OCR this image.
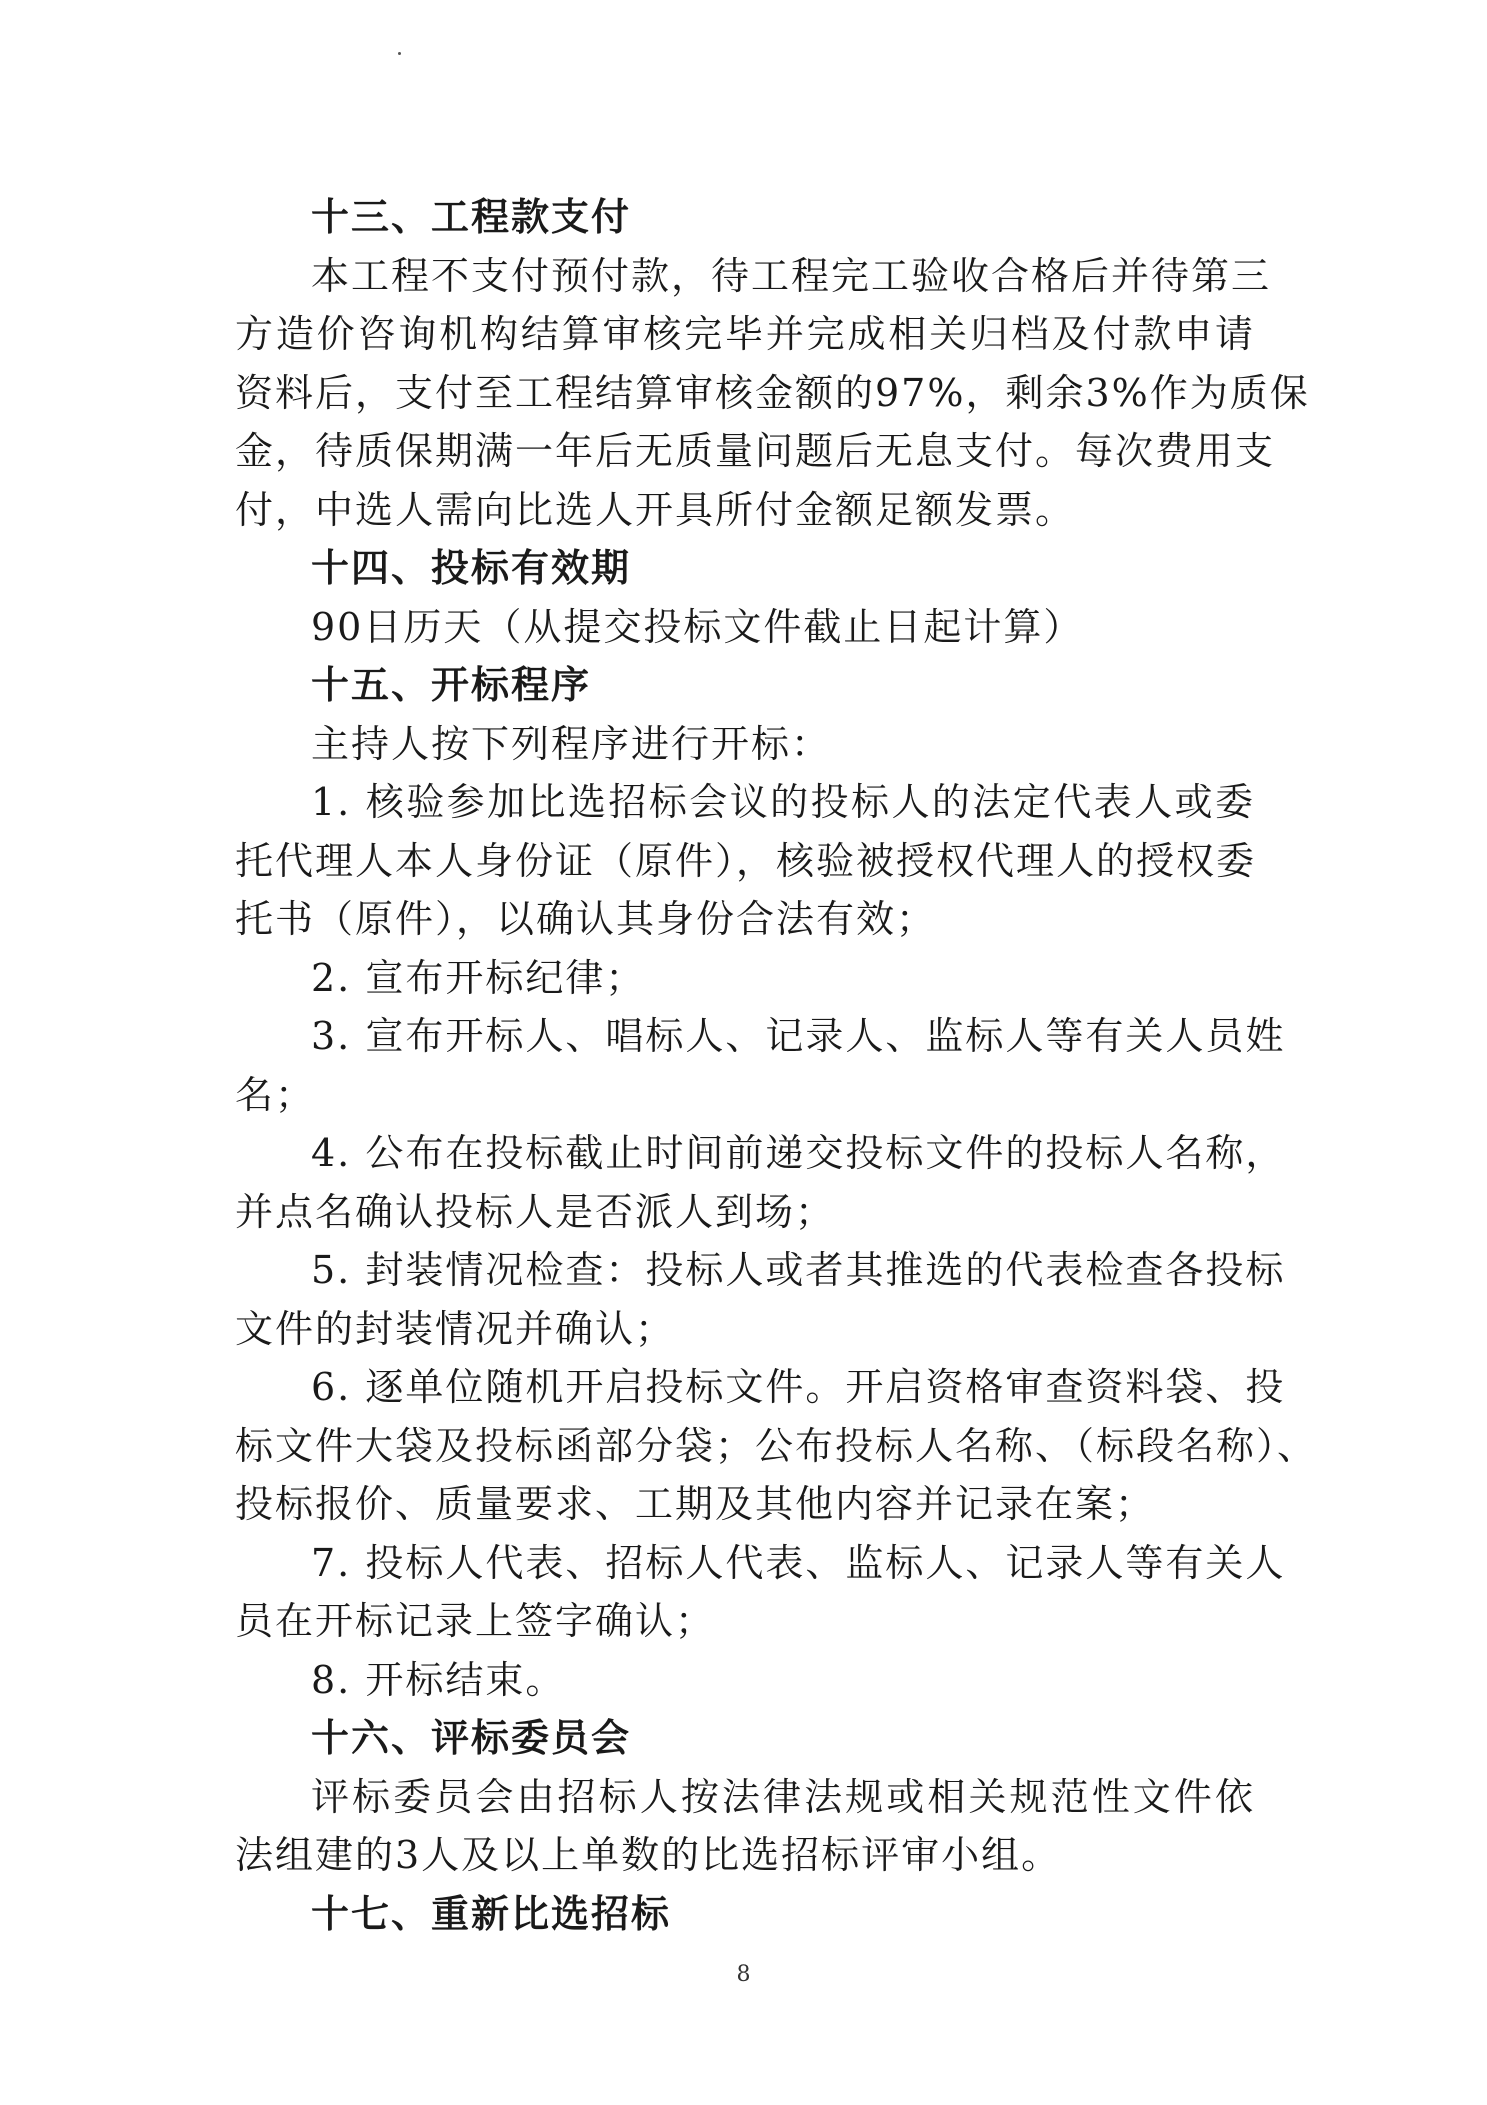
十三、工程款支付
本工程不支付预付款，待工程完工验收合格后并待第三
方造价咨询机构结算审核完毕并完成相关归档及付款申请
资料后，支付至工程结算审核金额的97%，剩余3%作为质保
金，待质保期满一年后无质量问题后无息支付。每次费用支
付，中选人需向比选人开具所付金额足额发票。
十四、投标有效期
90日历天（从提交投标文件截止日起计算）
十五、开标程序
主持人按下列程序进行开标：
1. 核验参加比选招标会议的投标人的法定代表人或委
托代理人本人身份证（原件），核验被授权代理人的授权委
托书（原件），以确认其身份合法有效；
2. 宣布开标纪律；
3. 宣布开标人、唱标人、记录人、监标人等有关人员姓
名；
4. 公布在投标截止时间前递交投标文件的投标人名称，
并点名确认投标人是否派人到场；
5. 封装情况检查：投标人或者其推选的代表检查各投标
文件的封装情况并确认；
6. 逐单位随机开启投标文件。开启资格审查资料袋、投
标文件大袋及投标函部分袋；公布投标人名称、（标段名称）、
投标报价、质量要求、工期及其他内容并记录在案；
7. 投标人代表、招标人代表、监标人、记录人等有关人
员在开标记录上签字确认；
8. 开标结束。
十六、评标委员会
评标委员会由招标人按法律法规或相关规范性文件依
法组建的3人及以上单数的比选招标评审小组。
十七、重新比选招标
8
